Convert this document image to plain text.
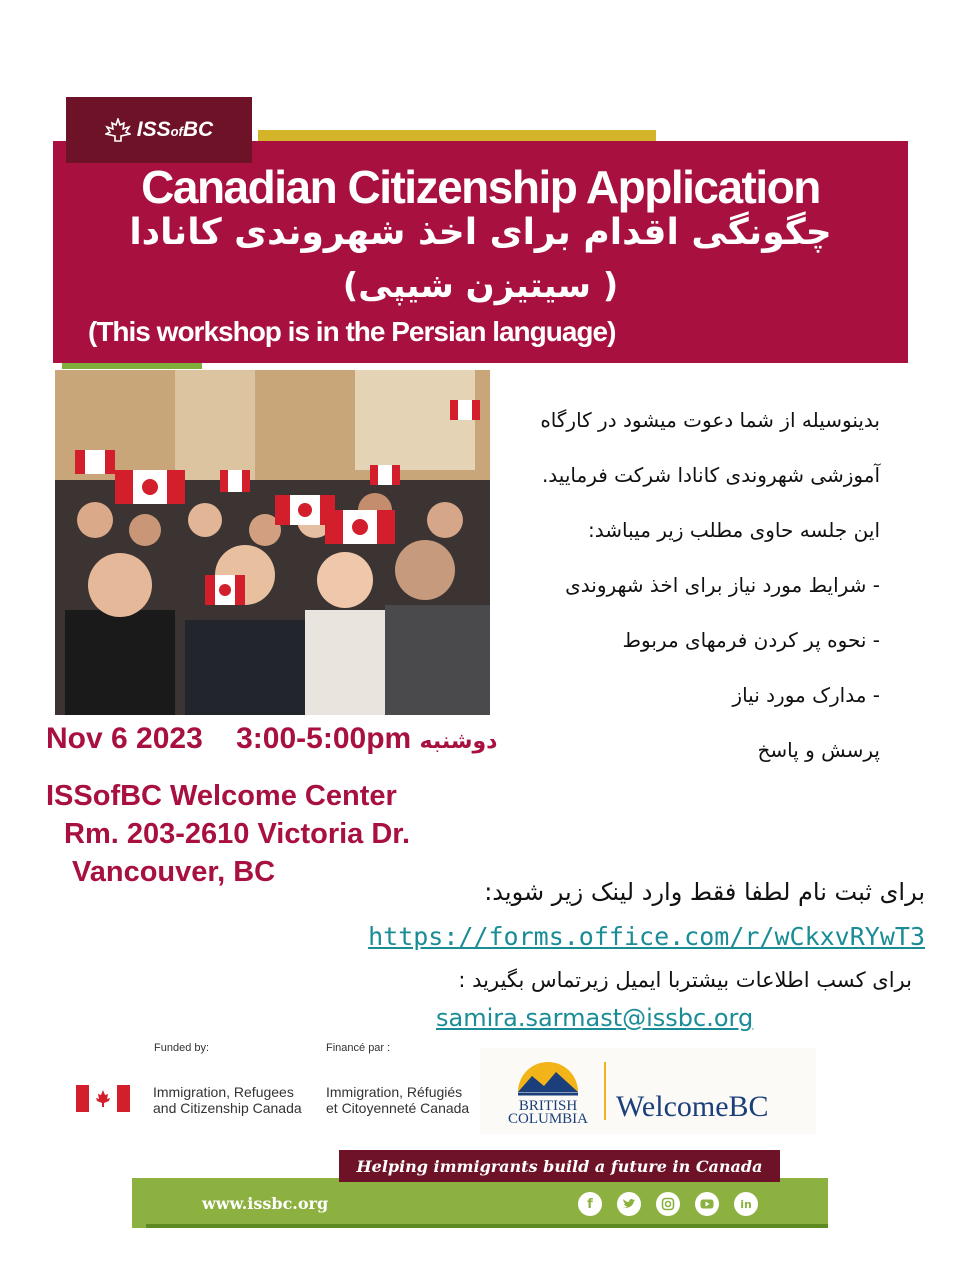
ISSofBC
Canadian Citizenship Application
چگونگی اقدام برای اخذ شهروندی کانادا
( سیتیزن شیپی)
(This workshop is in the Persian language)
بدینوسیله از شما دعوت میشود در کارگاه
آموزشی شهروندی کانادا شرکت فرمایید.
این جلسه حاوی مطلب زیر میباشد:
- شرایط مورد نیاز برای اخذ شهروندی
- نحوه پر کردن فرمهای مربوط
- مدارک مورد نیاز
پرسش و پاسخ
Nov 6 2023 3:00-5:00pm دوشنبه
ISSofBC Welcome Center
Rm. 203-2610 Victoria Dr.
Vancouver, BC
برای ثبت نام لطفا فقط وارد لینک زیر شوید:
https://forms.office.com/r/wCkxvRYwT3
برای کسب اطلاعات بیشتربا ایمیل زیرتماس بگیرید :
samira.sarmast@issbc.org
Funded by:	Financé par :
Immigration, Refugees
and Citizenship Canada
Immigration, Réfugiés
et Citoyenneté Canada	BRITISH
COLUMBIA WelcomeBC
Helping immigrants build a future in Canada
www.issbc.org	f	in
